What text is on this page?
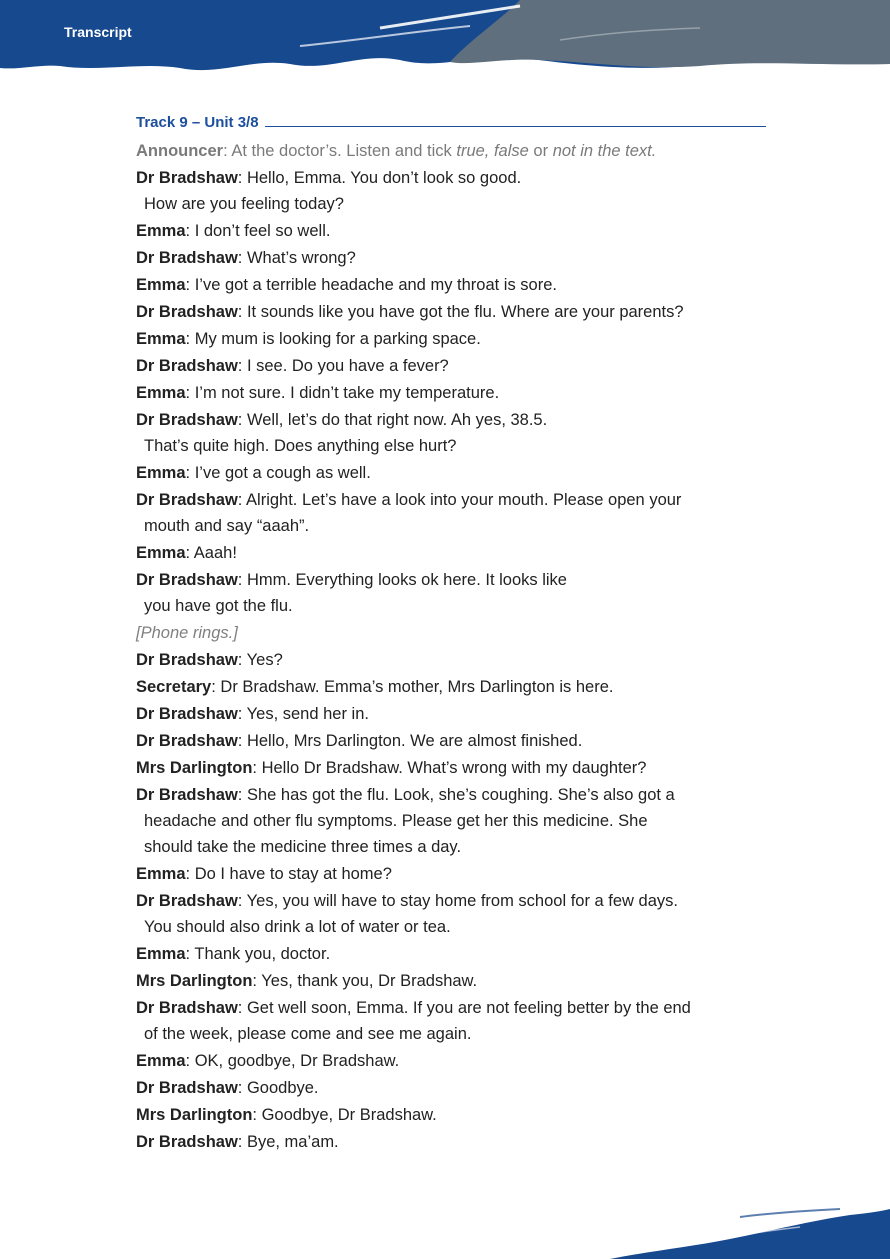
Transcript
Track 9 – Unit 3/8
Announcer: At the doctor’s. Listen and tick true, false or not in the text.
Dr Bradshaw: Hello, Emma. You don’t look so good.
How are you feeling today?
Emma: I don’t feel so well.
Dr Bradshaw: What’s wrong?
Emma: I’ve got a terrible headache and my throat is sore.
Dr Bradshaw: It sounds like you have got the flu. Where are your parents?
Emma: My mum is looking for a parking space.
Dr Bradshaw: I see. Do you have a fever?
Emma: I’m not sure. I didn’t take my temperature.
Dr Bradshaw: Well, let’s do that right now. Ah yes, 38.5.
That’s quite high. Does anything else hurt?
Emma: I’ve got a cough as well.
Dr Bradshaw: Alright. Let’s have a look into your mouth. Please open your
mouth and say “aaah”.
Emma: Aaah!
Dr Bradshaw: Hmm. Everything looks ok here. It looks like
you have got the flu.
[Phone rings.]
Dr Bradshaw: Yes?
Secretary: Dr Bradshaw. Emma’s mother, Mrs Darlington is here.
Dr Bradshaw: Yes, send her in.
Dr Bradshaw: Hello, Mrs Darlington. We are almost finished.
Mrs Darlington: Hello Dr Bradshaw. What’s wrong with my daughter?
Dr Bradshaw: She has got the flu. Look, she’s coughing. She’s also got a
headache and other flu symptoms. Please get her this medicine. She
should take the medicine three times a day.
Emma: Do I have to stay at home?
Dr Bradshaw: Yes, you will have to stay home from school for a few days.
You should also drink a lot of water or tea.
Emma: Thank you, doctor.
Mrs Darlington: Yes, thank you, Dr Bradshaw.
Dr Bradshaw: Get well soon, Emma. If you are not feeling better by the end
of the week, please come and see me again.
Emma: OK, goodbye, Dr Bradshaw.
Dr Bradshaw: Goodbye.
Mrs Darlington: Goodbye, Dr Bradshaw.
Dr Bradshaw: Bye, ma’am.
